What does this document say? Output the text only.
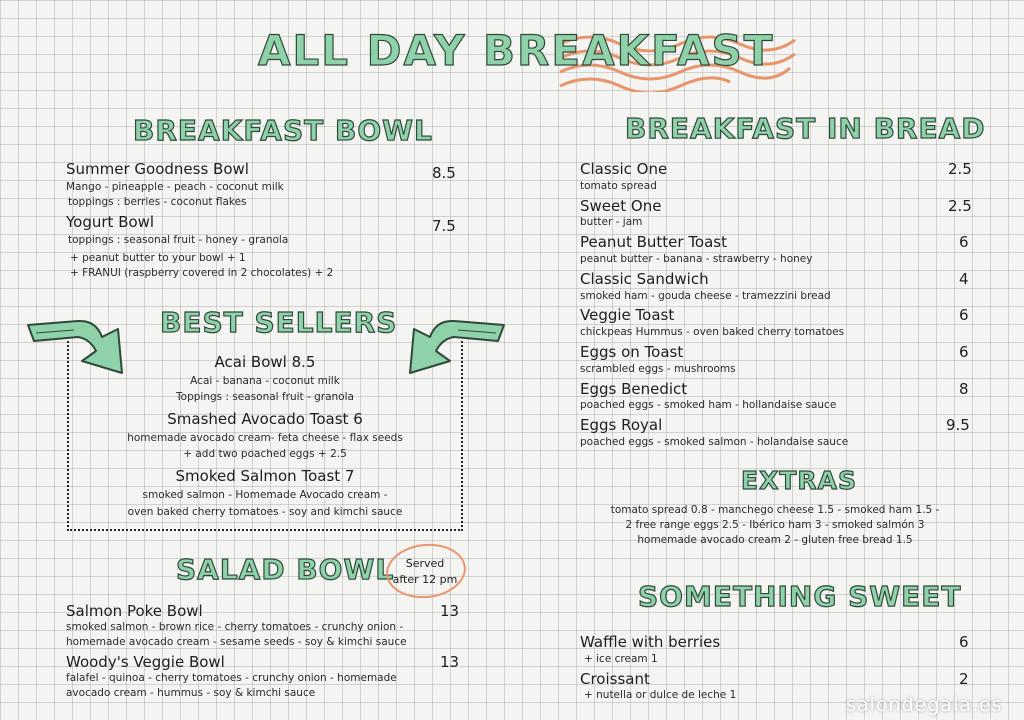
ALL DAY BREAKFAST
BREAKFAST BOWL
Summer Goodness Bowl	8.5
Mango - pineapple - peach - coconut milk
toppings : berries - coconut flakes
Yogurt Bowl	7.5
toppings : seasonal fruit - honey - granola
+ peanut butter to your bowl + 1
+ FRANUI (raspberry covered in 2 chocolates) + 2
BEST SELLERS
Acai Bowl 8.5
Acai - banana - coconut milk
Toppings : seasonal fruit - granola
Smashed Avocado Toast 6
homemade avocado cream- feta cheese - flax seeds
+ add two poached eggs + 2.5
Smoked Salmon Toast 7
smoked salmon - Homemade Avocado cream -
oven baked cherry tomatoes - soy and kimchi sauce
SALAD BOWL	Served
after 12 pm
Salmon Poke Bowl	13
smoked salmon - brown rice - cherry tomatoes - crunchy onion -
homemade avocado cream - sesame seeds - soy & kimchi sauce
Woody's Veggie Bowl	13
falafel - quinoa - cherry tomatoes - crunchy onion - homemade
avocado cream - hummus - soy & kimchi sauce
BREAKFAST IN BREAD
Classic One	2.5
tomato spread
Sweet One	2.5
butter - jam
Peanut Butter Toast	6
peanut butter - banana - strawberry - honey
Classic Sandwich	4
smoked ham - gouda cheese - tramezzini bread
Veggie Toast	6
chickpeas Hummus - oven baked cherry tomatoes
Eggs on Toast	6
scrambled eggs - mushrooms
Eggs Benedict	8
poached eggs - smoked ham - hollandaise sauce
Eggs Royal	9.5
poached eggs - smoked salmon - holandaise sauce
EXTRAS
tomato spread 0.8 - manchego cheese 1.5 - smoked ham 1.5 -
2 free range eggs 2.5 - Ibérico ham 3 - smoked salmón 3
homemade avocado cream 2 - gluten free bread 1.5
SOMETHING SWEET
Waffle with berries	6
+ ice cream 1
Croissant	2
+ nutella or dulce de leche 1	salondegala.es
